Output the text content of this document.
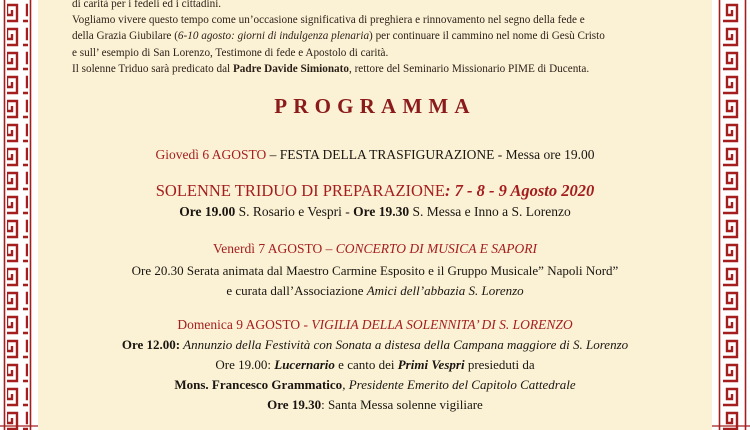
di carità per i fedeli ed i cittadini.
Vogliamo vivere questo tempo come un’occasione significativa di preghiera e rinnovamento nel segno della fede e
della Grazia Giubilare (6-10 agosto: giorni di indulgenza plenaria) per continuare il cammino nel nome di Gesù Cristo
e sull’ esempio di San Lorenzo, Testimone di fede e Apostolo di carità.
Il solenne Triduo sarà predicato dal Padre Davide Simionato, rettore del Seminario Missionario PIME di Ducenta.
PROGRAMMA
Giovedì 6 AGOSTO – FESTA DELLA TRASFIGURAZIONE - Messa ore 19.00
SOLENNE TRIDUO DI PREPARAZIONE: 7 - 8 - 9 Agosto 2020
Ore 19.00 S. Rosario e Vespri - Ore 19.30 S. Messa e Inno a S. Lorenzo
Venerdì 7 AGOSTO – CONCERTO DI MUSICA E SAPORI
Ore 20.30 Serata animata dal Maestro Carmine Esposito e il Gruppo Musicale” Napoli Nord”
e curata dall’Associazione Amici dell’abbazia S. Lorenzo
Domenica 9 AGOSTO - VIGILIA DELLA SOLENNITA’ DI S. LORENZO
Ore 12.00: Annunzio della Festività con Sonata a distesa della Campana maggiore di S. Lorenzo
Ore 19.00: Lucernario e canto dei Primi Vespri presieduti da
Mons. Francesco Grammatico, Presidente Emerito del Capitolo Cattedrale
Ore 19.30: Santa Messa solenne vigiliare
